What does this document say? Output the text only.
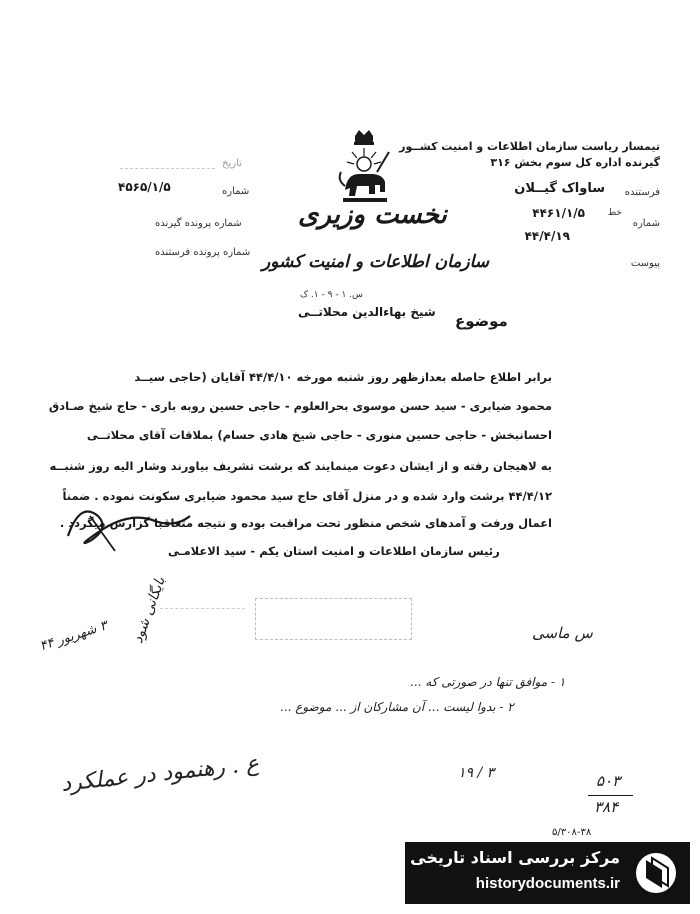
تیمسار ریاست سازمان اطلاعات و امنیت کشــور
گیرنده اداره کل سوم بخش ۳۱۶
فرستنده
ساواک گیــلان
خط
شماره
۴۴۶۱/۱/۵
۴۴/۴/۱۹
پیوست
تاریخ
شماره
۴۵۶۵/۱/۵
شماره پرونده گیرنده
شماره پرونده فرستنده
نخست وزیری
سازمان اطلاعات و امنیت کشور
س. ۱ - ۹ - ۱. ک
موضوع
شیخ بهاءالدین محلاتــی
برابر اطلاع حاصله بعدازظهر روز شنبه مورخه ۴۴/۴/۱۰ آقایان (حاجی سیــد
محمود ضیابری - سید حسن موسوی بحرالعلوم - حاجی حسین روبه باری - حاج شیخ صـادق
احسانبخش - حاجی حسین منوری - حاجی شیخ هادی حسام) بملاقات آقای محلاتــی
به لاهیجان رفته و از ایشان دعوت مینمایند که برشت تشریف بیاورند وشار الیه روز شنبــه
۴۴/۴/۱۲ برشت وارد شده و در منزل آقای حاج سید محمود ضیابری سکونت نموده . ضمناً
اعمال ورفت و آمدهای شخص منظور تحت مراقبت بوده و نتیجه متعاقبا گزارش میگردد .
رئیس سازمان اطلاعات و امنیت استان یکم - سید الاعلامـی
س ماسی
۱ - موافق تنها در صورتی که ...
۲ - بدوا لیست ... آن مشارکان از ... موضوع ...
۱۹ / ۳
۳ شهریور ۴۴ بایگانی شود
ع . رهنمود در عملکرد	۵۰۳
۳۸۴
۵/۳۰۸-۳۸
مرکز بررسی اسناد تاریخی
historydocuments.ir
